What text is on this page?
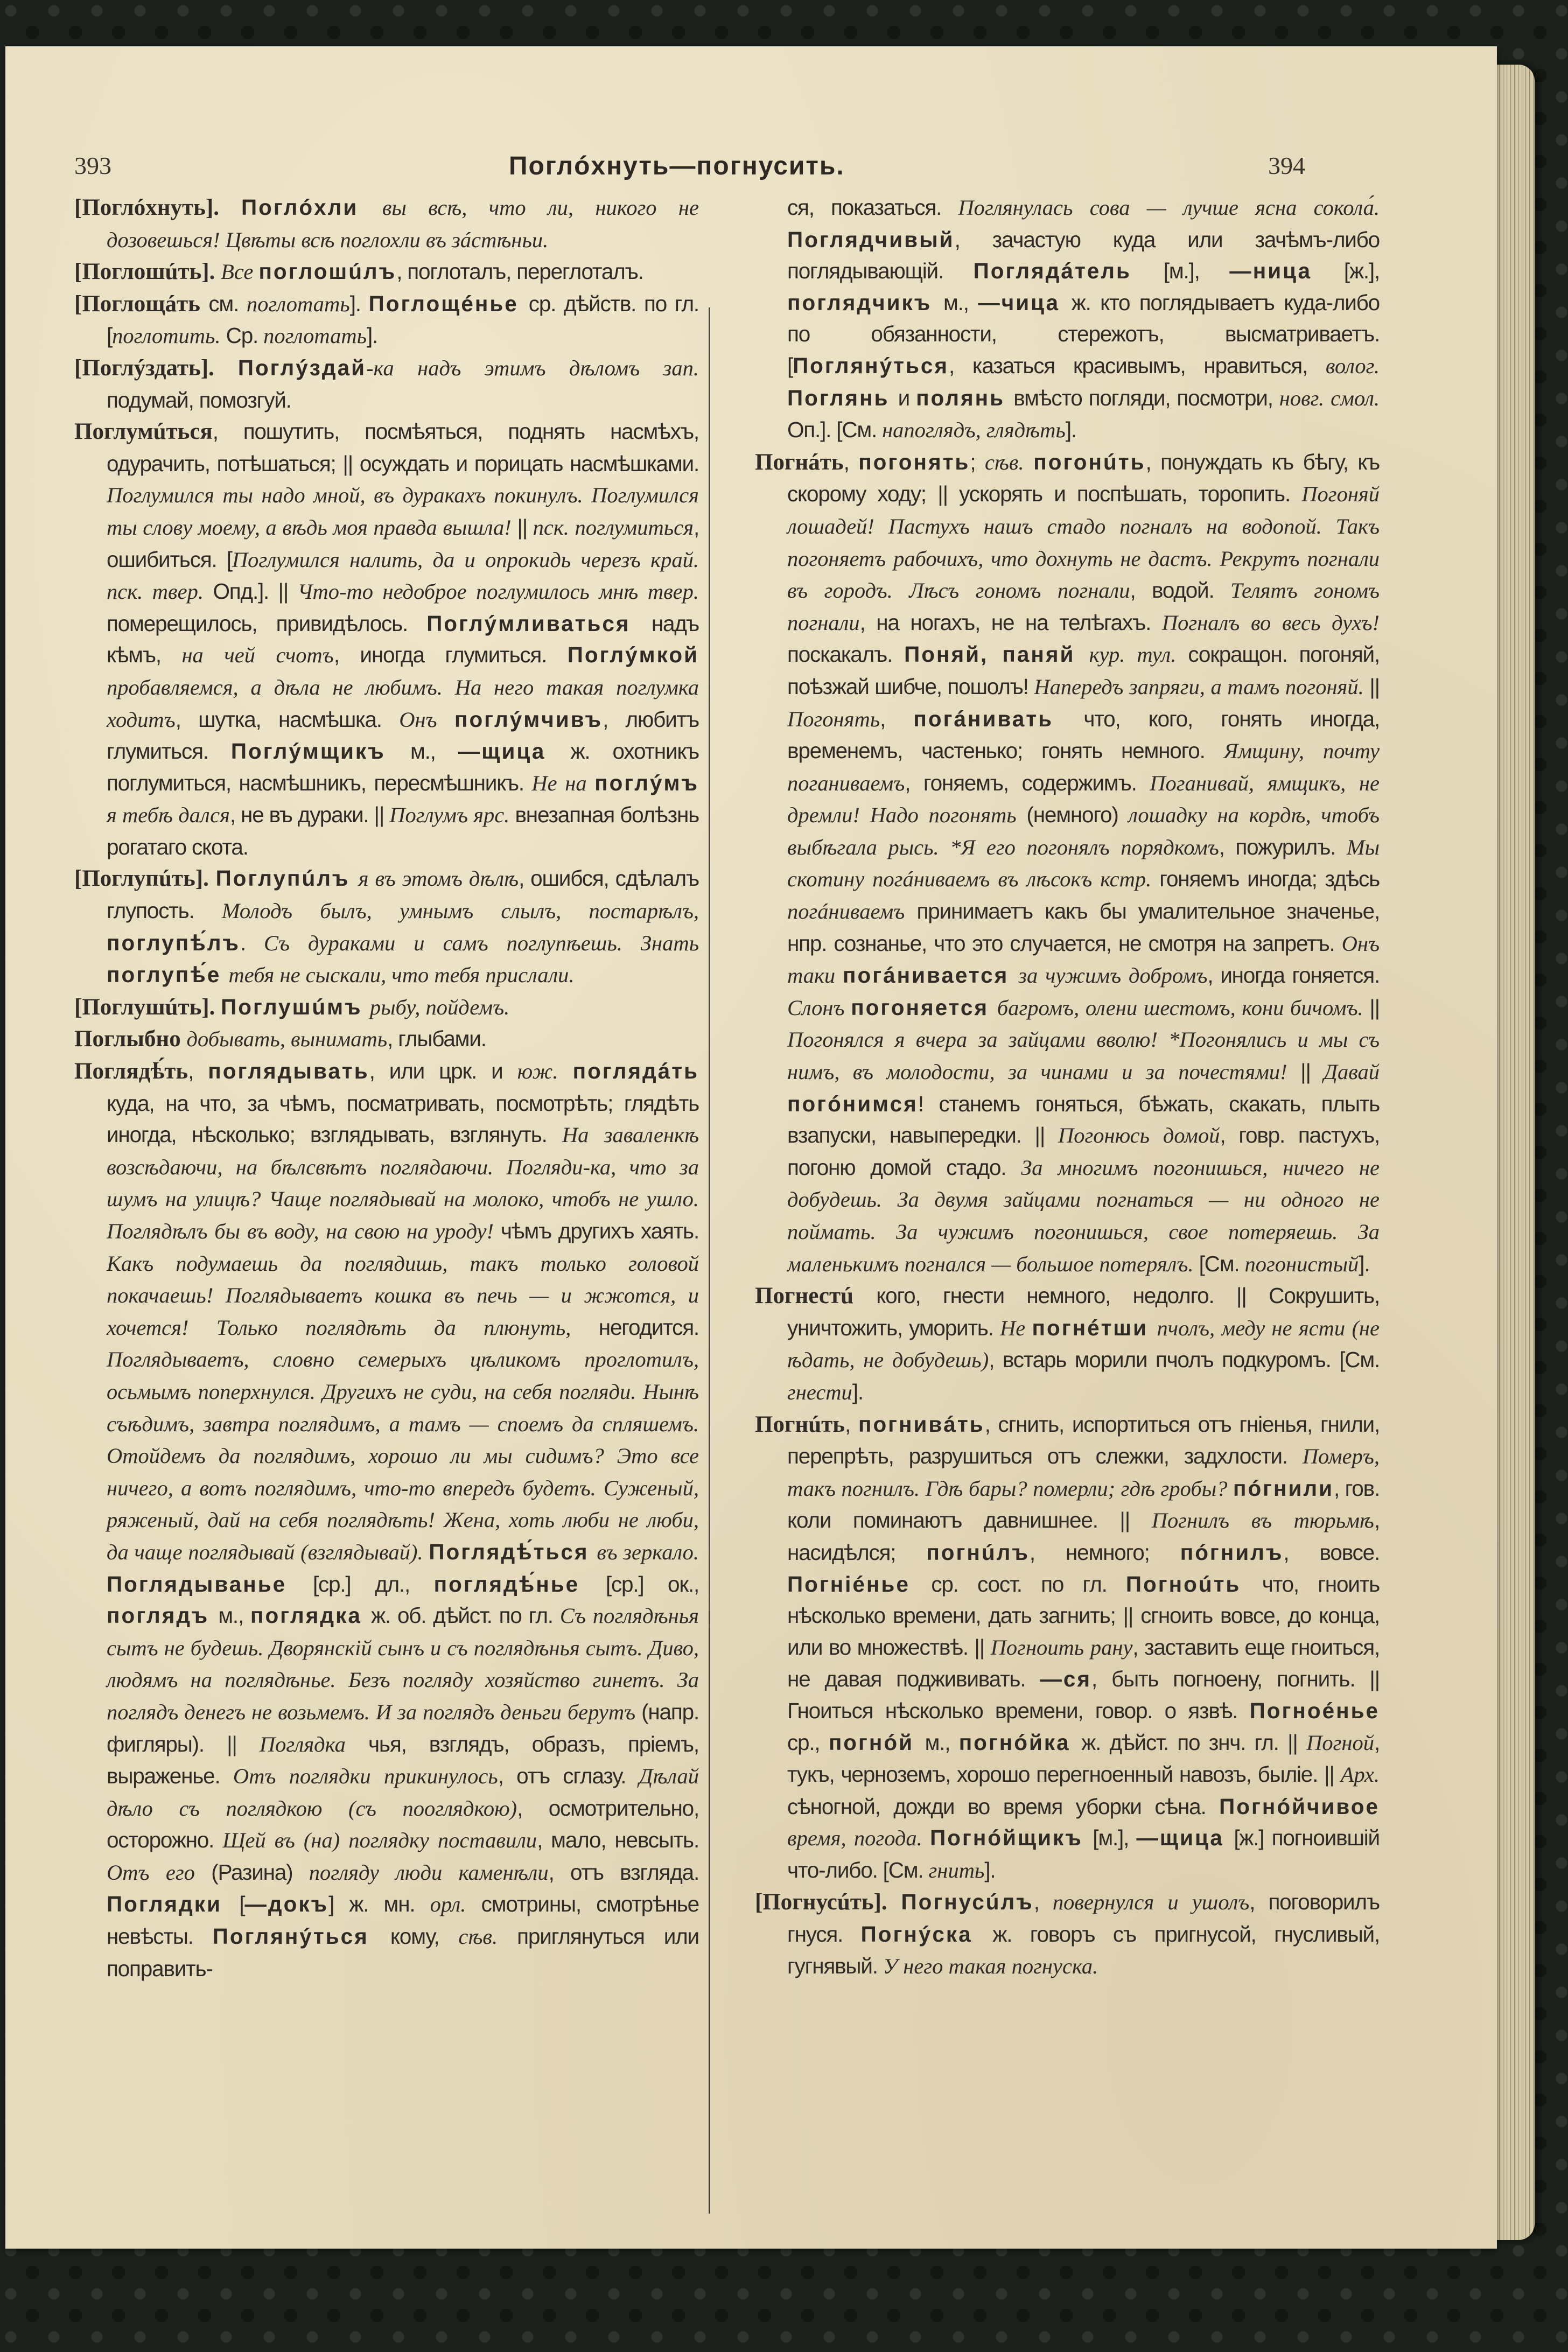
393	Поглóхнуть—погнусить.	394

[Поглóхнуть]. Поглóхли вы всѣ, что ли, никого не дозовешься! Цвѣты всѣ поглохли въ зáстѣньи.

[Поглошúть]. Все поглошúлъ, поглоталъ, переглоталъ.

[Поглощáть см. поглотать]. Поглощéнье ср. дѣйств. по гл. [поглотить. Ср. поглотать].

[Поглýздать]. Поглýздай-ка надъ этимъ дѣломъ зап. подумай, помозгуй.

Поглумúться, пошутить, посмѣяться, поднять насмѣхъ, одурачить, потѣшаться; || осуждать и порицать насмѣшками. Поглумился ты надо мной, въ дуракахъ покинулъ. Поглумился ты слову моему, а вѣдь моя правда вышла! || пск. поглумиться, ошибиться. [Поглумился налить, да и опрокидь черезъ край. пск. твер. Опд.]. || Что-то недоброе поглумилось мнѣ твер. померещилось, привидѣлось. Поглýмливаться надъ кѣмъ, на чей счотъ, иногда глумиться. Поглýмкой пробавляемся, а дѣла не любимъ. На него такая поглумка ходитъ, шутка, насмѣшка. Онъ поглýмчивъ, любитъ глумиться. Поглýмщикъ м., —щица ж. охотникъ поглумиться, насмѣшникъ, пересмѣшникъ. Не на поглýмъ я тебѣ дался, не въ дураки. || Поглумъ ярс. внезапная болѣзнь рогатаго скота.

[Поглупúть]. Поглупúлъ я въ этомъ дѣлѣ, ошибся, сдѣлалъ глупость. Молодъ былъ, умнымъ слылъ, постарѣлъ, поглупѣ́лъ. Съ дураками и самъ поглупѣешь. Знать поглупѣ́е тебя не сыскали, что тебя прислали.

[Поглушúть]. Поглушúмъ рыбу, пойдемъ.

Поглыбно добывать, вынимать, глыбами.

Поглядѣ́ть, поглядывать, или црк. и юж. поглядáть куда, на что, за чѣмъ, посматривать, посмотрѣть; глядѣть иногда, нѣсколько; взглядывать, взглянуть. На заваленкѣ возсѣдаючи, на бѣлсвѣтъ поглядаючи. Погляди-ка, что за шумъ на улицѣ? Чаще поглядывай на молоко, чтобъ не ушло. Поглядѣлъ бы въ воду, на свою на уроду! чѣмъ другихъ хаять. Какъ подумаешь да поглядишь, такъ только головой покачаешь! Поглядываетъ кошка въ печь — и жжотся, и хочется! Только поглядѣть да плюнуть, негодится. Поглядываетъ, словно семерыхъ цѣликомъ проглотилъ, осьмымъ поперхнулся. Другихъ не суди, на себя погляди. Нынѣ съѣдимъ, завтра поглядимъ, а тамъ — споемъ да спляшемъ. Отойдемъ да поглядимъ, хорошо ли мы сидимъ? Это все ничего, а вотъ поглядимъ, что-то впередъ будетъ. Суженый, ряженый, дай на себя поглядѣть! Жена, хоть люби не люби, да чаще поглядывай (взглядывай). Поглядѣ́ться въ зеркало. Поглядыванье [ср.] дл., поглядѣ́нье [ср.] ок., поглядъ м., поглядка ж. об. дѣйст. по гл. Съ поглядѣнья сытъ не будешь. Дворянскій сынъ и съ поглядѣнья сытъ. Диво, людямъ на поглядѣнье. Безъ погляду хозяйство гинетъ. За поглядъ денегъ не возьмемъ. И за поглядъ деньги берутъ (напр. фигляры). || Поглядка чья, взглядъ, образъ, пріемъ, выраженье. Отъ поглядки прикинулось, отъ сглазу. Дѣлай дѣло съ поглядкою (съ пооглядкою), осмотрительно, осторожно. Щей въ (на) поглядку поставили, мало, невсыть. Отъ его (Разина) погляду люди каменѣли, отъ взгляда. Поглядки [—докъ] ж. мн. орл. смотрины, смотрѣнье невѣсты. Поглянýться кому, сѣв. приглянуться или поправить-

ся, показаться. Поглянулась сова — лучше ясна сокола́. Поглядчивый, зачастую куда или зачѣмъ-либо поглядывающій. Поглядáтель [м.], —ница [ж.], поглядчикъ м., —чица ж. кто поглядываетъ куда-либо по обязанности, стережотъ, высматриваетъ. [Поглянýться, казаться красивымъ, нравиться, волог. Поглянь и полянь вмѣсто погляди, посмотри, новг. смол. Оп.]. [См. напоглядъ, глядѣть].

Погнáть, погонять; сѣв. погонúть, понуждать къ бѣгу, къ скорому ходу; || ускорять и поспѣшать, торопить. Погоняй лошадей! Пастухъ нашъ стадо погналъ на водопой. Такъ погоняетъ рабочихъ, что дохнуть не дастъ. Рекрутъ погнали въ городъ. Лѣсъ гономъ погнали, водой. Телятъ гономъ погнали, на ногахъ, не на телѣгахъ. Погналъ во весь духъ! поскакалъ. Поняй, паняй кур. тул. сокращон. погоняй, поѣзжай шибче, пошолъ! Напередъ запряги, а тамъ погоняй. || Погонять, погáнивать что, кого, гонять иногда, временемъ, частенько; гонять немного. Ямщину, почту поганиваемъ, гоняемъ, содержимъ. Поганивай, ямщикъ, не дремли! Надо погонять (немного) лошадку на кордѣ, чтобъ выбѣгала рысь. *Я его погонялъ порядкомъ, пожурилъ. Мы скотину погáниваемъ въ лѣсокъ кстр. гоняемъ иногда; здѣсь погáниваемъ принимаетъ какъ бы умалительное значенье, нпр. сознанье, что это случается, не смотря на запретъ. Онъ таки погáнивается за чужимъ добромъ, иногда гоняется. Слонъ погоняется багромъ, олени шестомъ, кони бичомъ. || Погонялся я вчера за зайцами вволю! *Погонялись и мы съ нимъ, въ молодости, за чинами и за почестями! || Давай погóнимся! станемъ гоняться, бѣжать, скакать, плыть взапуски, навыпередки. || Погонюсь домой, говр. пастухъ, погоню домой стадо. За многимъ погонишься, ничего не добудешь. За двумя зайцами погнаться — ни одного не поймать. За чужимъ погонишься, свое потеряешь. За маленькимъ погнался — большое потерялъ. [См. погонистый].

Погнестú кого, гнести немного, недолго. || Сокрушить, уничтожить, уморить. Не погнéтши пчолъ, меду не ясти (не ѣдать, не добудешь), встарь морили пчолъ подкуромъ. [См. гнести].

Погнúть, погнивáть, сгнить, испортиться отъ гніенья, гнили, перепрѣть, разрушиться отъ слежки, задхлости. Померъ, такъ погнилъ. Гдѣ бары? померли; гдѣ гробы? пóгнили, гов. коли поминаютъ давнишнее. || Погнилъ въ тюрьмѣ, насидѣлся; погнúлъ, немного; пóгнилъ, вовсе. Погніéнье ср. сост. по гл. Погноúть что, гноить нѣсколько времени, дать загнить; || сгноить вовсе, до конца, или во множествѣ. || Погноить рану, заставить еще гноиться, не давая поджививать. —ся, быть погноену, погнить. || Гноиться нѣсколько времени, говор. о язвѣ. Погноéнье ср., погнóй м., погнóйка ж. дѣйст. по знч. гл. || Погной, тукъ, черноземъ, хорошо перегноенный навозъ, быліе. || Арх. сѣногной, дожди во время уборки сѣна. Погнóйчивое время, погода. Погнóйщикъ [м.], —щица [ж.] погноившій что-либо. [См. гнить].

[Погнусúть]. Погнусúлъ, повернулся и ушолъ, поговорилъ гнуся. Погнýска ж. говоръ съ пригнусой, гнусливый, гугнявый. У него такая погнуска.
